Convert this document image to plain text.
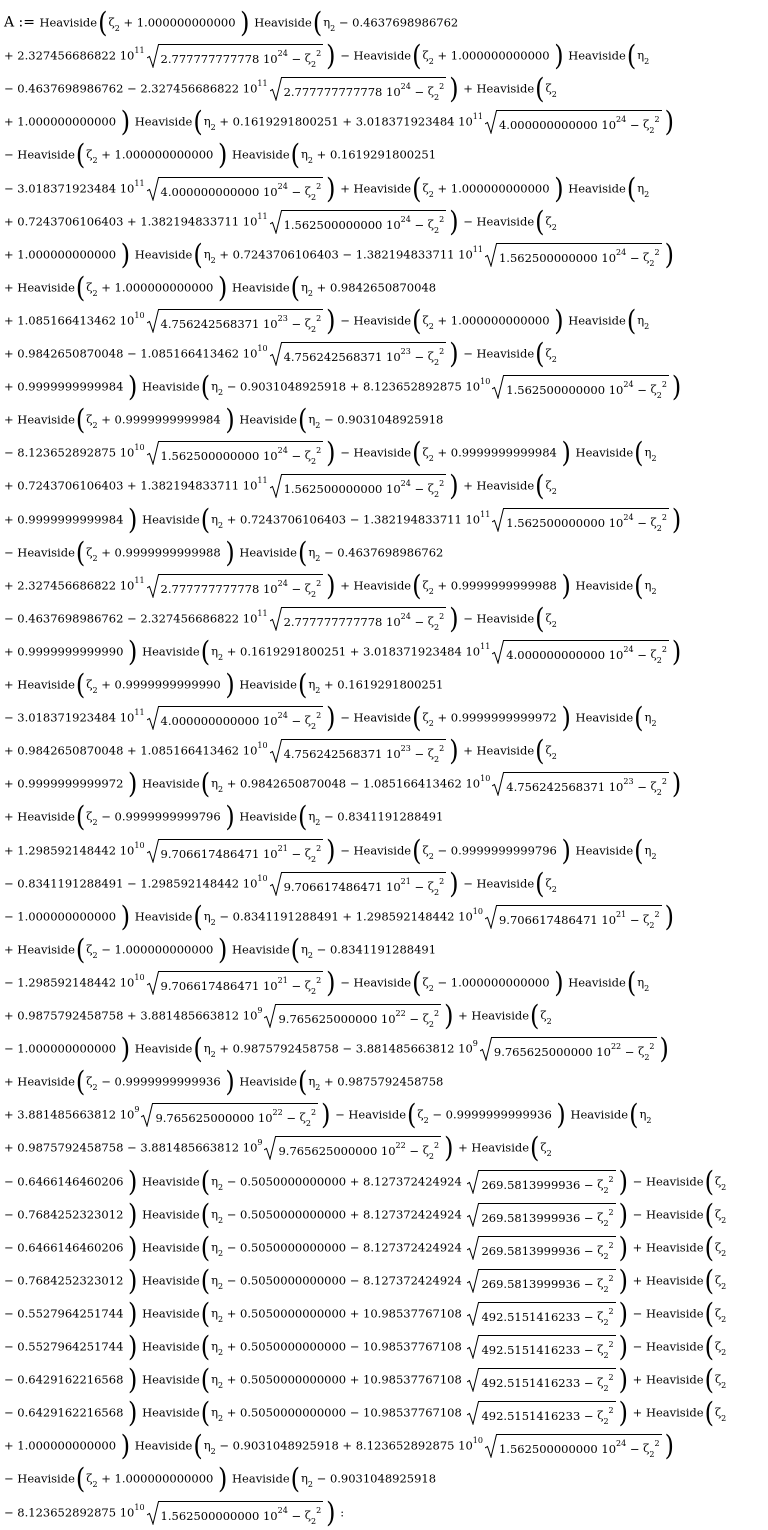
A := $Heaviside(\zeta_2 + 1.000000000000$ ) $Heaviside(\eta_2 - 0.4637698986762$
+ 2.327456686822 $10^{11}$
2.777777777778 $10^{24} - \zeta_2^2$ ) − $Heaviside(\zeta_2 + 1.000000000000$ ) $Heaviside(\eta_2$
− 0.4637698986762 − 2.327456686822 $10^{11}$
2.777777777778 $10^{24} - \zeta_2^2$ ) + $Heaviside(\zeta_2$
+ 1.000000000000 ) $Heaviside(\eta_2 + 0.1619291800251 + 3.018371923484$ $10^{11}$
4.000000000000 $10^{24} - \zeta_2^2$ )
− $Heaviside(\zeta_2 + 1.000000000000$ ) $Heaviside(\eta_2 + 0.1619291800251$
− 3.018371923484 $10^{11}$
4.000000000000 $10^{24} - \zeta_2^2$ ) + $Heaviside(\zeta_2 + 1.000000000000$ ) $Heaviside(\eta_2$
+ 0.7243706106403 + 1.382194833711 $10^{11}$
1.562500000000 $10^{24} - \zeta_2^2$ ) − $Heaviside(\zeta_2$
+ 1.000000000000 ) $Heaviside(\eta_2 + 0.7243706106403 - 1.382194833711$ $10^{11}$
1.562500000000 $10^{24} - \zeta_2^2$ )
+ $Heaviside(\zeta_2 + 1.000000000000$ ) $Heaviside(\eta_2 + 0.9842650870048$
+ 1.085166413462 $10^{10}$
4.756242568371 $10^{23} - \zeta_2^2$ ) − $Heaviside(\zeta_2 + 1.000000000000$ ) $Heaviside(\eta_2$
+ 0.9842650870048 − 1.085166413462 $10^{10}$
4.756242568371 $10^{23} - \zeta_2^2$ ) − $Heaviside(\zeta_2$
+ 0.9999999999984 ) $Heaviside(\eta_2 - 0.9031048925918 + 8.123652892875$ $10^{10}$
1.562500000000 $10^{24} - \zeta_2^2$ )
+ $Heaviside(\zeta_2 + 0.9999999999984$ ) $Heaviside(\eta_2 - 0.9031048925918$
− 8.123652892875 $10^{10}$
1.562500000000 $10^{24} - \zeta_2^2$ ) − $Heaviside(\zeta_2 + 0.9999999999984$ ) $Heaviside(\eta_2$
+ 0.7243706106403 + 1.382194833711 $10^{11}$
1.562500000000 $10^{24} - \zeta_2^2$ ) + $Heaviside(\zeta_2$
+ 0.9999999999984 ) $Heaviside(\eta_2 + 0.7243706106403 - 1.382194833711$ $10^{11}$
1.562500000000 $10^{24} - \zeta_2^2$ )
− $Heaviside(\zeta_2 + 0.9999999999988$ ) $Heaviside(\eta_2 - 0.4637698986762$
+ 2.327456686822 $10^{11}$
2.777777777778 $10^{24} - \zeta_2^2$ ) + $Heaviside(\zeta_2 + 0.9999999999988$ ) $Heaviside(\eta_2$
− 0.4637698986762 − 2.327456686822 $10^{11}$
2.777777777778 $10^{24} - \zeta_2^2$ ) − $Heaviside(\zeta_2$
+ 0.9999999999990 ) $Heaviside(\eta_2 + 0.1619291800251 + 3.018371923484$ $10^{11}$
4.000000000000 $10^{24} - \zeta_2^2$ )
+ $Heaviside(\zeta_2 + 0.9999999999990$ ) $Heaviside(\eta_2 + 0.1619291800251$
− 3.018371923484 $10^{11}$
4.000000000000 $10^{24} - \zeta_2^2$ ) − $Heaviside(\zeta_2 + 0.9999999999972$ ) $Heaviside(\eta_2$
+ 0.9842650870048 + 1.085166413462 $10^{10}$
4.756242568371 $10^{23} - \zeta_2^2$ ) + $Heaviside(\zeta_2$
+ 0.9999999999972 ) $Heaviside(\eta_2 + 0.9842650870048 - 1.085166413462$ $10^{10}$
4.756242568371 $10^{23} - \zeta_2^2$ )
+ $Heaviside(\zeta_2 - 0.9999999999796$ ) $Heaviside(\eta_2 - 0.8341191288491$
+ 1.298592148442 $10^{10}$
9.706617486471 $10^{21} - \zeta_2^2$ ) − $Heaviside(\zeta_2 - 0.9999999999796$ ) $Heaviside(\eta_2$
− 0.8341191288491 − 1.298592148442 $10^{10}$
9.706617486471 $10^{21} - \zeta_2^2$ ) − $Heaviside(\zeta_2$
− 1.000000000000 ) $Heaviside(\eta_2 - 0.8341191288491 + 1.298592148442$ $10^{10}$
9.706617486471 $10^{21} - \zeta_2^2$ )
+ $Heaviside(\zeta_2 - 1.000000000000$ ) $Heaviside(\eta_2 - 0.8341191288491$
− 1.298592148442 $10^{10}$
9.706617486471 $10^{21} - \zeta_2^2$ ) − $Heaviside(\zeta_2 - 1.000000000000$ ) $Heaviside(\eta_2$
+ 0.9875792458758 + 3.881485663812 $10^9$
9.765625000000 $10^{22} - \zeta_2^2$ ) + $Heaviside(\zeta_2$
− 1.000000000000 ) $Heaviside(\eta_2 + 0.9875792458758 - 3.881485663812$ $10^9$
9.765625000000 $10^{22} - \zeta_2^2$ )
+ $Heaviside(\zeta_2 - 0.9999999999936$ ) $Heaviside(\eta_2 + 0.9875792458758$
+ 3.881485663812 $10^9$
9.765625000000 $10^{22} - \zeta_2^2$ ) − $Heaviside(\zeta_2 - 0.9999999999936$ ) $Heaviside(\eta_2$
+ 0.9875792458758 − 3.881485663812 $10^9$
9.765625000000 $10^{22} - \zeta_2^2$ ) + $Heaviside(\zeta_2$
− 0.6466146460206 ) $Heaviside(\eta_2 - 0.5050000000000 + 8.127372424924$ $269.5813999936 - \zeta_2^2$ ) − $Heaviside(\zeta_2$
− 0.7684252323012 ) $Heaviside(\eta_2 - 0.5050000000000 + 8.127372424924$ $269.5813999936 - \zeta_2^2$ ) − $Heaviside(\zeta_2$
− 0.6466146460206 ) $Heaviside(\eta_2 - 0.5050000000000 - 8.127372424924$ $269.5813999936 - \zeta_2^2$ ) + $Heaviside(\zeta_2$
− 0.7684252323012 ) $Heaviside(\eta_2 - 0.5050000000000 - 8.127372424924$ $269.5813999936 - \zeta_2^2$ ) + $Heaviside(\zeta_2$
− 0.5527964251744 ) $Heaviside(\eta_2 + 0.5050000000000 + 10.98537767108$ $492.5151416233 - \zeta_2^2$ ) − $Heaviside(\zeta_2$
− 0.5527964251744 ) $Heaviside(\eta_2 + 0.5050000000000 - 10.98537767108$ $492.5151416233 - \zeta_2^2$ ) − $Heaviside(\zeta_2$
− 0.6429162216568 ) $Heaviside(\eta_2 + 0.5050000000000 + 10.98537767108$ $492.5151416233 - \zeta_2^2$ ) + $Heaviside(\zeta_2$
− 0.6429162216568 ) $Heaviside(\eta_2 + 0.5050000000000 - 10.98537767108$ $492.5151416233 - \zeta_2^2$ ) + $Heaviside(\zeta_2$
+ 1.000000000000 ) $Heaviside(\eta_2 - 0.9031048925918 + 8.123652892875$ $10^{10}$
1.562500000000 $10^{24} - \zeta_2^2$ )
− $Heaviside(\zeta_2 + 1.000000000000$ ) $Heaviside(\eta_2 - 0.9031048925918$
− 8.123652892875 $10^{10}$
1.562500000000 $10^{24} - \zeta_2^2$ ) :
